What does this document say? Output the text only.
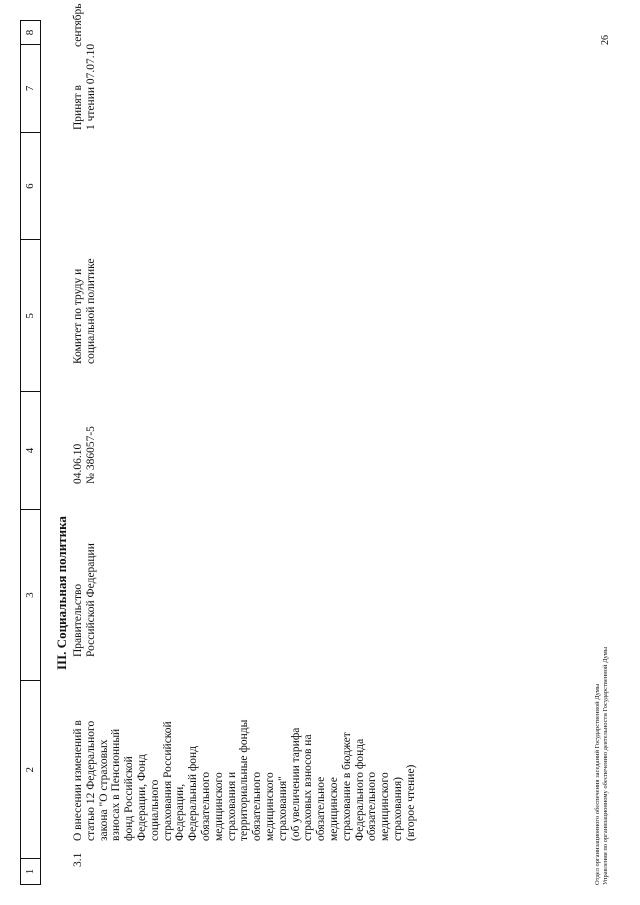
1
2
3
4
5
6
7
8
III. Социальная политика
3.1
О внесении изменений в статью 12 Федерального закона "О страховых взносах в Пенсионный фонд Российской Федерации, Фонд социального страхования Российской Федерации, Федеральный фонд обязательного медицинского страхования и территориальные фонды обязательного медицинского страхования" (об увеличении тарифа страховых взносов на обязательное медицинское страхование в бюджет Федерального фонда обязательного медицинского страхования) (второе чтение)
Правительство Российской Федерации
04.06.10 № 386057-5
Комитет по труду и социальной политике
Принят в 1 чтении 07.07.10
сентябрь
Отдел организационного обеспечения заседаний Государственной Думы Управления по организационному обеспечению деятельности Государственной Думы
26
